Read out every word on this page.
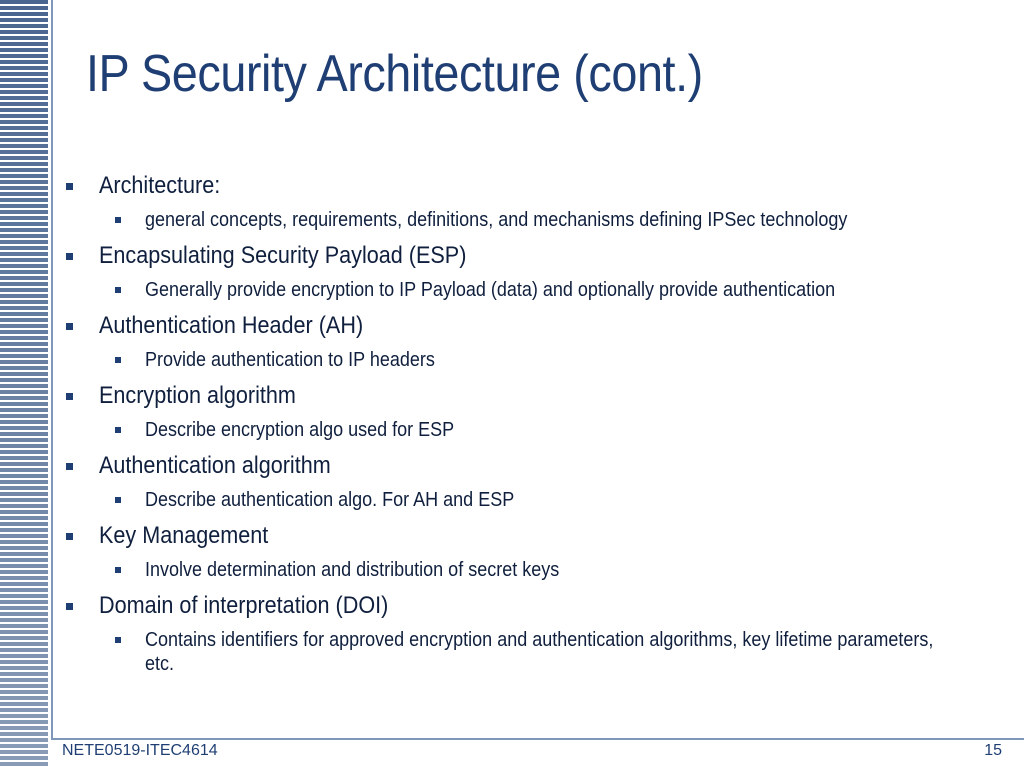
IP Security Architecture (cont.)
Architecture:
general concepts, requirements, definitions, and mechanisms defining IPSec technology
Encapsulating Security Payload (ESP)
Generally provide encryption to IP Payload (data) and optionally provide authentication
Authentication Header (AH)
Provide authentication to IP headers
Encryption algorithm
Describe encryption algo used for ESP
Authentication algorithm
Describe authentication algo. For AH and ESP
Key Management
Involve determination and distribution of secret keys
Domain of interpretation (DOI)
Contains identifiers for approved encryption and authentication algorithms, key lifetime parameters, etc.
NETE0519-ITEC4614	15
